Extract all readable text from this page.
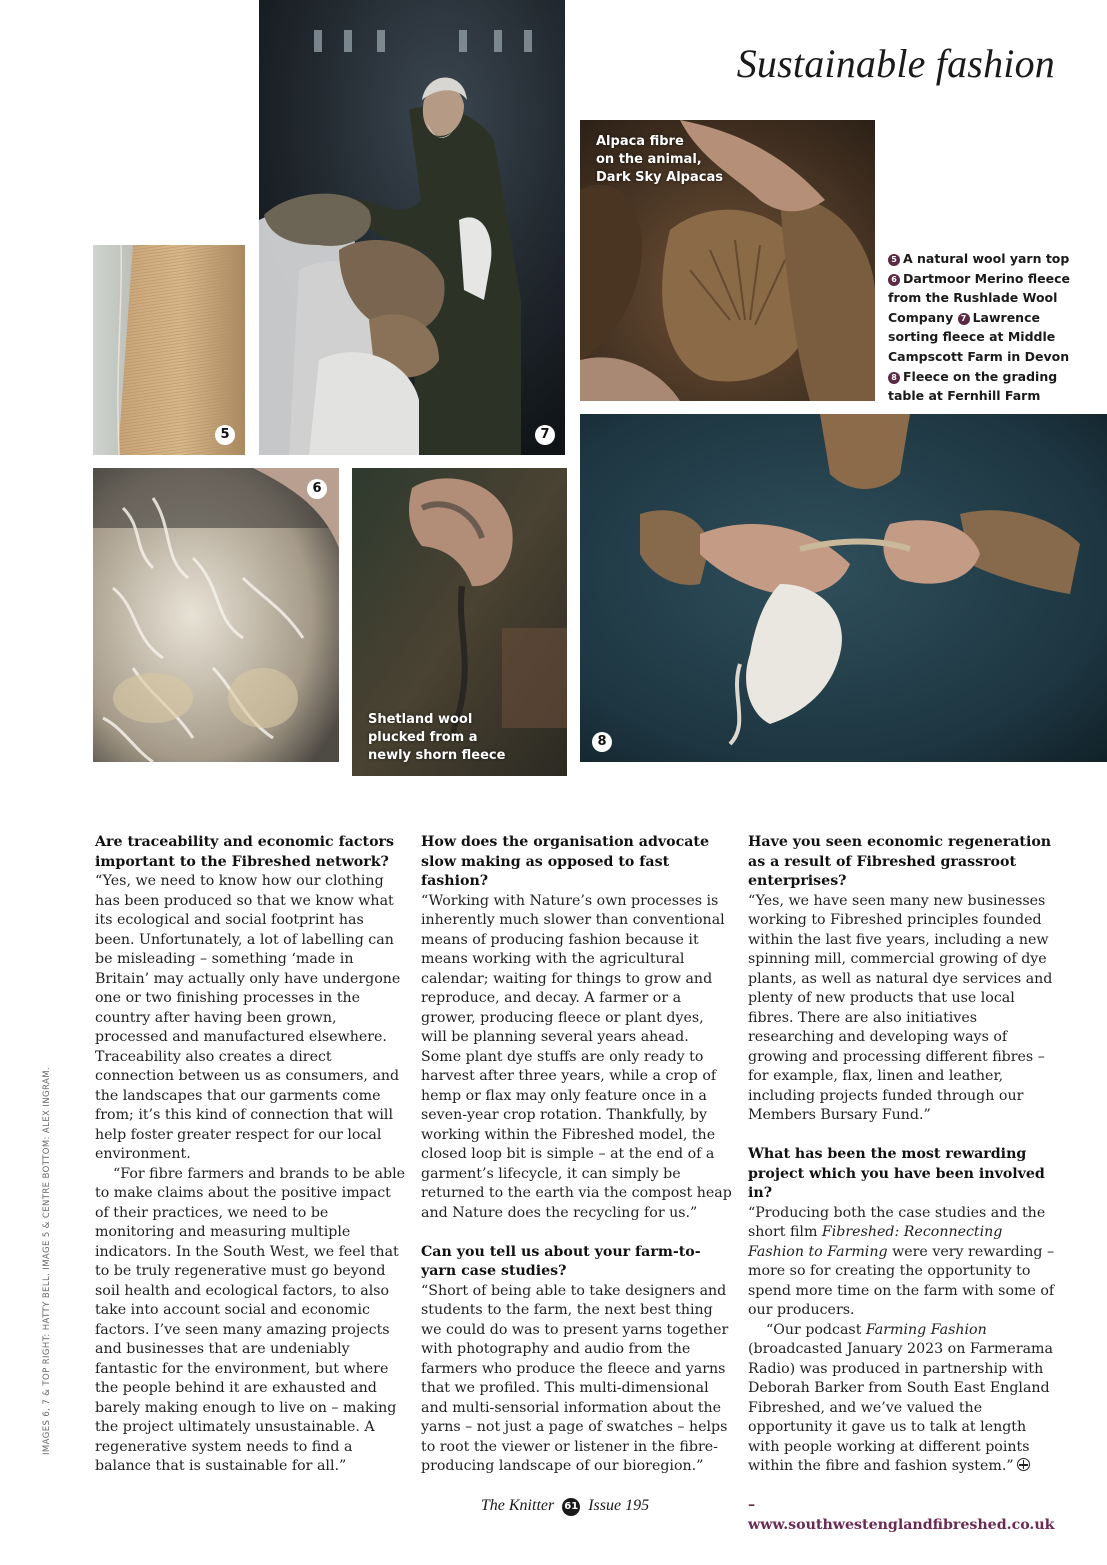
Sustainable fashion
5	7
Alpaca fibre
on the animal,
Dark Sky Alpacas
5 A natural wool yarn top 6 Dartmoor Merino fleece from the Rushlade Wool Company 7 Lawrence sorting fleece at Middle Campscott Farm in Devon 8 Fleece on the grading table at Fernhill Farm
6
Shetland wool
plucked from a
newly shorn fleece
8
Are traceability and economic factors important to the Fibreshed network?

“Yes, we need to know how our clothing has been produced so that we know what its ecological and social footprint has been. Unfortunately, a lot of labelling can be misleading – something ‘made in Britain’ may actually only have undergone one or two finishing processes in the country after having been grown, processed and manufactured elsewhere. Traceability also creates a direct connection between us as consumers, and the landscapes that our garments come from; it’s this kind of connection that will help foster greater respect for our local environment.

“For fibre farmers and brands to be able to make claims about the positive impact of their practices, we need to be monitoring and measuring multiple indicators. In the South West, we feel that to be truly regenerative must go beyond soil health and ecological factors, to also take into account social and economic factors. I’ve seen many amazing projects and businesses that are undeniably fantastic for the environment, but where the people behind it are exhausted and barely making enough to live on – making the project ultimately unsustainable. A regenerative system needs to find a balance that is sustainable for all.”

How does the organisation advocate slow making as opposed to fast fashion?

“Working with Nature’s own processes is inherently much slower than conventional means of producing fashion because it means working with the agricultural calendar; waiting for things to grow and reproduce, and decay. A farmer or a grower, producing fleece or plant dyes, will be planning several years ahead. Some plant dye stuffs are only ready to harvest after three years, while a crop of hemp or flax may only feature once in a seven-year crop rotation. Thankfully, by working within the Fibreshed model, the closed loop bit is simple – at the end of a garment’s lifecycle, it can simply be returned to the earth via the compost heap and Nature does the recycling for us.”

Can you tell us about your farm-to-yarn case studies?

“Short of being able to take designers and students to the farm, the next best thing we could do was to present yarns together with photography and audio from the farmers who produce the fleece and yarns that we profiled. This multi-dimensional and multi-sensorial information about the yarns – not just a page of swatches – helps to root the viewer or listener in the fibre-producing landscape of our bioregion.”

Have you seen economic regeneration as a result of Fibreshed grassroot enterprises?

“Yes, we have seen many new businesses working to Fibreshed principles founded within the last five years, including a new spinning mill, commercial growing of dye plants, as well as natural dye services and plenty of new products that use local fibres. There are also initiatives researching and developing ways of growing and processing different fibres – for example, flax, linen and leather, including projects funded through our Members Bursary Fund.”

What has been the most rewarding project which you have been involved in?

“Producing both the case studies and the short film Fibreshed: Reconnecting Fashion to Farming were very rewarding – more so for creating the opportunity to spend more time on the farm with some of our producers.

“Our podcast Farming Fashion (broadcasted January 2023 on Farmerama Radio) was produced in partnership with Deborah Barker from South East England Fibreshed, and we’ve valued the opportunity it gave us to talk at length with people working at different points within the fibre and fashion system.”

– www.southwestenglandfibreshed.co.uk

IMAGES 6, 7 & TOP RIGHT: HATTY BELL. IMAGE 5 & CENTRE BOTTOM: ALEX INGRAM.
The Knitter 61 Issue 195
